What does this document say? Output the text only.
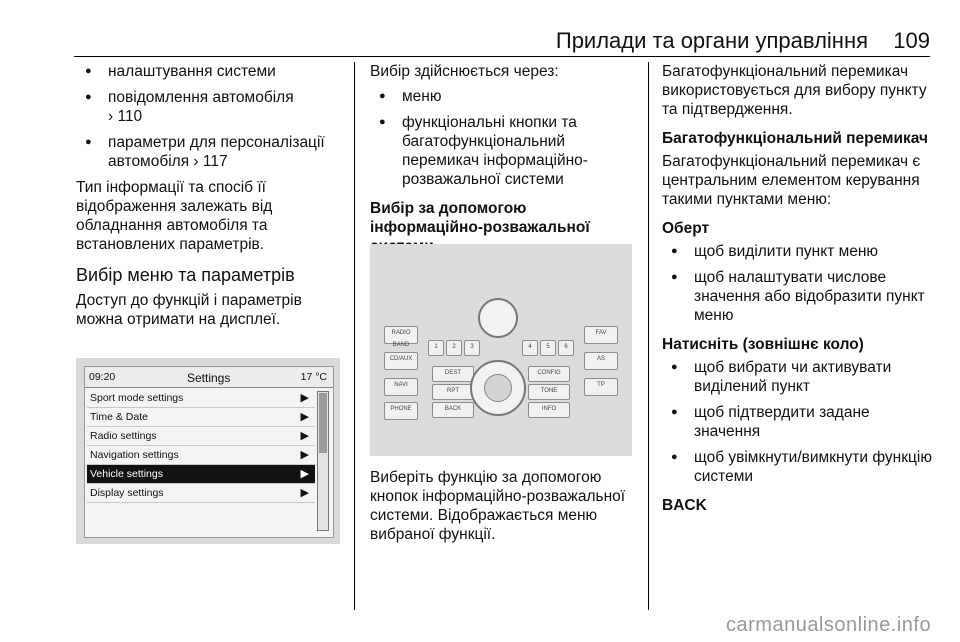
Прилади та органи управління 109
● налаштування системи
● повідомлення автомобіля
› 110
● параметри для персоналізації
автомобіля › 117

Тип інформації та спосіб її відображення залежать від обладнання автомобіля та встановлених параметрів.

Вибір меню та параметрів

Доступ до функцій і параметрів можна отримати на дисплеї.

09:20	Settings	17 °C
Sport mode settings	▶
Time & Date	▶
Radio settings	▶
Navigation settings	▶
Vehicle settings	▶
Display settings	▶

Вибір здійснюється через:

● меню
● функціональні кнопки та багатофункціональний перемикач інформаційно-розважальної системи

Вибір за допомогою інформаційно-розважальної

RADIO BAND
CD/AUX
NAVI
PHONE
1	2	3
DEST
RPT
BACK
4	5	6
CONFIG
TONE
INFO
FAV
AS
TP

Виберіть функцію за допомогою кнопок інформаційно-розважальної системи. Відображається меню вибраної функції.

Багатофункціональний перемикач використовується для вибору пункту та підтвердження.

Багатофункціональний перемикач

Багатофункціональний перемикач є центральним елементом керування такими пунктами меню:

Оберт

● щоб виділити пункт меню
● щоб налаштувати числове значення або відобразити пункт меню

Натисніть (зовнішнє коло)

● щоб вибрати чи активувати виділений пункт
● щоб підтвердити задане значення
● щоб увімкнути/вимкнути функцію системи

BACK

carmanualsonline.info
